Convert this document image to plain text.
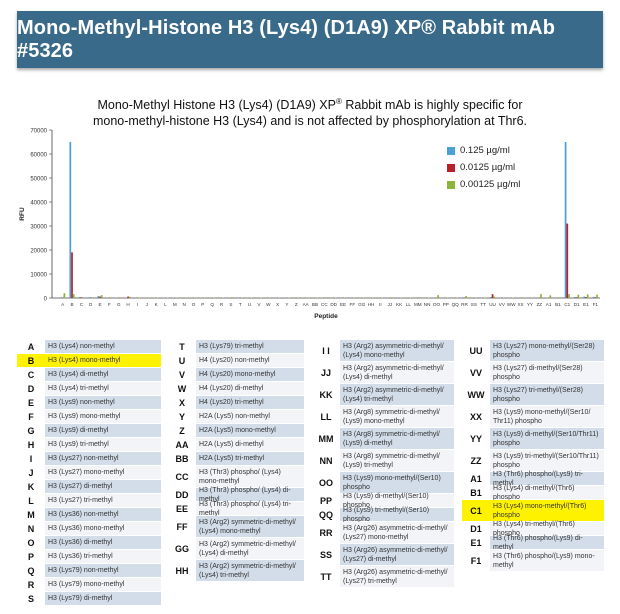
Mono-Methyl-Histone H3 (Lys4) (D1A9) XP® Rabbit mAb #5326
Mono-Methyl Histone H3 (Lys4) (D1A9) XP® Rabbit mAb is highly specific for
mono-methyl-histone H3 (Lys4) and is not affected by phosphorylation at Thr6.
0
10000
20000
30000
40000
50000
60000
70000
RFU
Peptide
A B C D E F G H I J K L M N O P Q R S T U V W X Y Z AA BB CC DD EE FF GG HH II JJ KK LL MM NN OO PP QQ RR SS TT UU VV WW XX YY ZZ A1 B1 C1 D1 E1 F1
0.125 µg/ml
0.0125 µg/ml
0.00125 µg/ml
A	H3 (Lys4) non-methyl
B	H3 (Lys4) mono-methyl
C	H3 (Lys4) di-methyl
D	H3 (Lys4) tri-methyl
E	H3 (Lys9) non-methyl
F	H3 (Lys9) mono-methyl
G	H3 (Lys9) di-methyl
H	H3 (Lys9) tri-methyl
I	H3 (Lys27) non-methyl
J	H3 (Lys27) mono-methyl
K	H3 (Lys27) di-methyl
L	H3 (Lys27) tri-methyl
M	H3 (Lys36) non-methyl
N	H3 (Lys36) mono-methyl
O	H3 (Lys36) di-methyl
P	H3 (Lys36) tri-methyl
Q	H3 (Lys79) non-methyl
R	H3 (Lys79) mono-methyl
S	H3 (Lys79) di-methyl
T	H3 (Lys79) tri-methyl
U	H4 (Lys20) non-methyl
V	H4 (Lys20) mono-methyl
W	H4 (Lys20) di-methyl
X	H4 (Lys20) tri-methyl
Y	H2A (Lys5) non-methyl
Z	H2A (Lys5) mono-methyl
AA	H2A (Lys5) di-methyl
BB	H2A (Lys5) tri-methyl
CC	H3 (Thr3) phospho/ (Lys4) mono-methyl
DD	H3 (Thr3) phospho/ (Lys4) di-methyl
EE	H3 (Thr3) phospho/ (Lys4) tri-methyl
FF	H3 (Arg2) symmetric-di-methyl/ (Lys4) mono-methyl
GG	H3 (Arg2) symmetric-di-methyl/ (Lys4) di-methyl
HH	H3 (Arg2) symmetric-di-methyl/ (Lys4) tri-methyl
I I	H3 (Arg2) asymmetric-di-methyl/ (Lys4) mono-methyl
JJ	H3 (Arg2) asymmetric-di-methyl/ (Lys4) di-methyl
KK	H3 (Arg2) asymmetric-di-methyl/ (Lys4) tri-methyl
LL	H3 (Arg8) symmetric-di-methyl/ (Lys9) mono-methyl
MM	H3 (Arg8) symmetric-di-methyl/ (Lys9) di-methyl
NN	H3 (Arg8) symmetric-di-methyl/ (Lys9) tri-methyl
OO	H3 (Lys9) mono-methyl/(Ser10) phospho
PP	H3 (Lys9) di-methyl/(Ser10) phospho
QQ	H3 (Lys9) tri-methyl/(Ser10) phospho
RR	H3 (Arg26) asymmetric-di-methyl/ (Lys27) mono-methyl
SS	H3 (Arg26) asymmetric-di-methyl/ (Lys27) di-methyl
TT	H3 (Arg26) asymmetric-di-methyl/ (Lys27) tri-methyl
UU	H3 (Lys27) mono-methyl/(Ser28) phospho
VV	H3 (Lys27) di-methyl/(Ser28) phospho
WW	H3 (Lys27) tri-methyl/(Ser28) phospho
XX	H3 (Lys9) mono-methyl/(Ser10/ Thr11) phospho
YY	H3 (Lys9) di-methyl/(Ser10/Thr11) phospho
ZZ	H3 (Lys9) tri-methyl/(Ser10/Thr11) phospho
A1	H3 (Thr6) phospho/(Lys9) tri-methyl
B1	H3 (Lys4) di-methyl/(Thr6) phospho
C1	H3 (Lys4) mono-methyl/(Thr6) phospho
D1	H3 (Lys4) tri-methyl/(Thr6) phospho
E1	H3 (Thr6) phospho/(Lys9) di-methyl
F1	H3 (Thr6) phospho/(Lys9) mono-methyl
